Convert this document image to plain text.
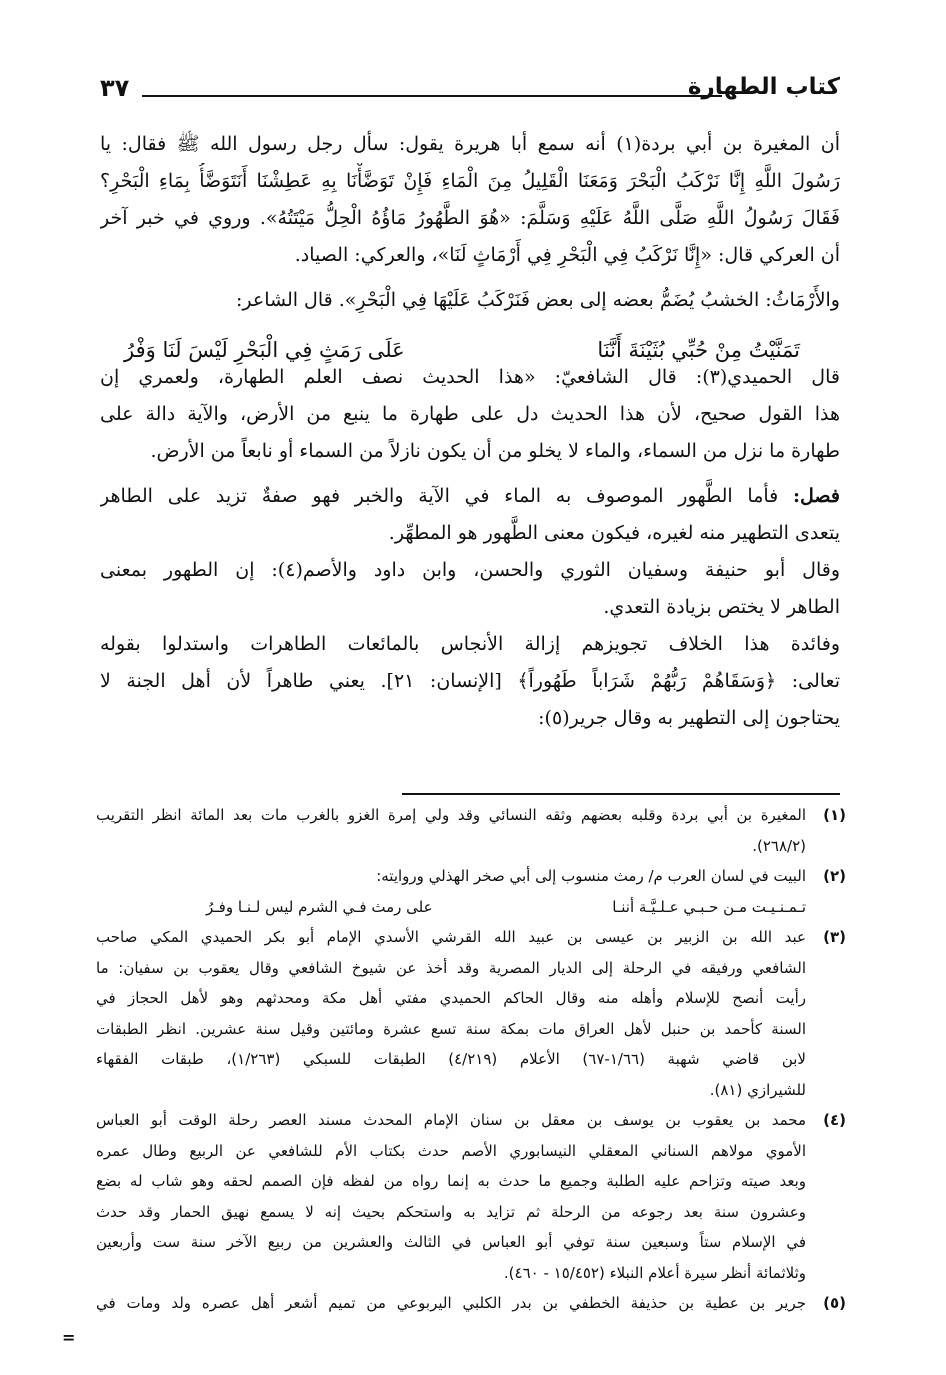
كتاب الطهارة
٣٧
أن المغيرة بن أبي بردة(١) أنه سمع أبا هريرة يقول: سأل رجل رسول الله ﷺ فقال: يا
رَسُولَ اللَّهِ إِنَّا نَرْكَبُ الْبَحْرَ وَمَعَنَا الْقَلِيلُ مِنَ الْمَاءِ فَإِنْ تَوَضَّأْنَا بِهِ عَطِشْنَا أَنَتَوَضَّأُ بِمَاءِ الْبَحْرِ؟
فَقَالَ رَسُولُ اللَّهِ صَلَّى اللَّهُ عَلَيْهِ وَسَلَّمَ: «هُوَ الطَّهُورُ مَاؤُهُ الْحِلُّ مَيْتَتُهُ». وروي في خبر آخر
أن العركي قال: «إِنَّا نَرْكَبُ فِي الْبَحْرِ فِي أَرْمَاثٍ لَنَا»، والعركي: الصياد.
والأَرْمَاثُ: الخشبُ يُضَمُّ بعضه إلى بعض فَنَرْكَبُ عَلَيْهَا فِي الْبَحْرِ». قال الشاعر:
قال الحميدي(٣): قال الشافعيّ: «هذا الحديث نصف العلم الطهارة، ولعمري إن
هذا القول صحيح، لأن هذا الحديث دل على طهارة ما ينبع من الأرض، والآية دالة على
طهارة ما نزل من السماء، والماء لا يخلو من أن يكون نازلاً من السماء أو نابعاً من الأرض.
فصل: فأما الطَّهور الموصوف به الماء في الآية والخبر فهو صفةٌ تزيد على الطاهر
يتعدى التطهير منه لغيره، فيكون معنى الطَّهور هو المطهِّر.
وقال أبو حنيفة وسفيان الثوري والحسن، وابن داود والأصم(٤): إن الطهور بمعنى
الطاهر لا يختص بزيادة التعدي.
وفائدة هذا الخلاف تجويزهم إزالة الأنجاس بالمائعات الطاهرات واستدلوا بقوله
تعالى: ﴿وَسَقَاهُمْ رَبُّهُمْ شَرَاباً طَهُوراً﴾ [الإنسان: ٢١]. يعني طاهراً لأن أهل الجنة لا
يحتاجون إلى التطهير به وقال جرير(٥):
تَمَنَّيْتُ مِنْ حُبِّي بُثَيْنَةَ أَنَّنَا
عَلَى رَمَثٍ فِي الْبَحْرِ لَيْسَ لَنَا وَفْرُ
(١)
المغيرة بن أبي بردة وقلبه بعضهم وثقه النسائي وقد ولي إمرة الغزو بالغرب مات بعد المائة انظر التقريب
(٢٦٨/٢).
(٢)
البيت في لسان العرب م/ رمث منسوب إلى أبي صخر الهذلي وروايته:
تـمـنـيـت مـن حـبـي عـلـيَّـة أننـا
على رمث فـي الشرم ليس لـنـا وفـرُ
(٣)
عبد الله بن الزبير بن عيسى بن عبيد الله القرشي الأسدي الإمام أبو بكر الحميدي المكي صاحب
الشافعي ورفيقه في الرحلة إلى الديار المصرية وقد أخذ عن شيوخ الشافعي وقال يعقوب بن سفيان: ما
رأيت أنصح للإسلام وأهله منه وقال الحاكم الحميدي مفتي أهل مكة ومحدثهم وهو لأهل الحجاز في
السنة كأحمد بن حنبل لأهل العراق مات بمكة سنة تسع عشرة ومائتين وقيل سنة عشرين. انظر الطبقات
لابن قاضي شهبة (١/٦٦-٦٧) الأعلام (٤/٢١٩) الطبقات للسبكي (١/٢٦٣)، طبقات الفقهاء
للشيرازي (٨١).
(٤)
محمد بن يعقوب بن يوسف بن معقل بن سنان الإمام المحدث مسند العصر رحلة الوقت أبو العباس
الأموي مولاهم السناني المعقلي النيسابوري الأصم حدث بكتاب الأم للشافعي عن الربيع وطال عمره
وبعد صيته وتزاحم عليه الطلبة وجميع ما حدث به إنما رواه من لفظه فإن الصمم لحقه وهو شاب له بضع
وعشرون سنة بعد رجوعه من الرحلة ثم تزايد به واستحكم بحيث إنه لا يسمع نهيق الحمار وقد حدث
في الإسلام ستاً وسبعين سنة توفي أبو العباس في الثالث والعشرين من ربيع الآخر سنة ست وأربعين
وثلاثمائة أنظر سيرة أعلام النبلاء (١٥/٤٥٢ - ٤٦٠).
(٥)
جرير بن عطية بن حذيفة الخطفي بن بدر الكلبي اليربوعي من تميم أشعر أهل عصره ولد ومات في
=
